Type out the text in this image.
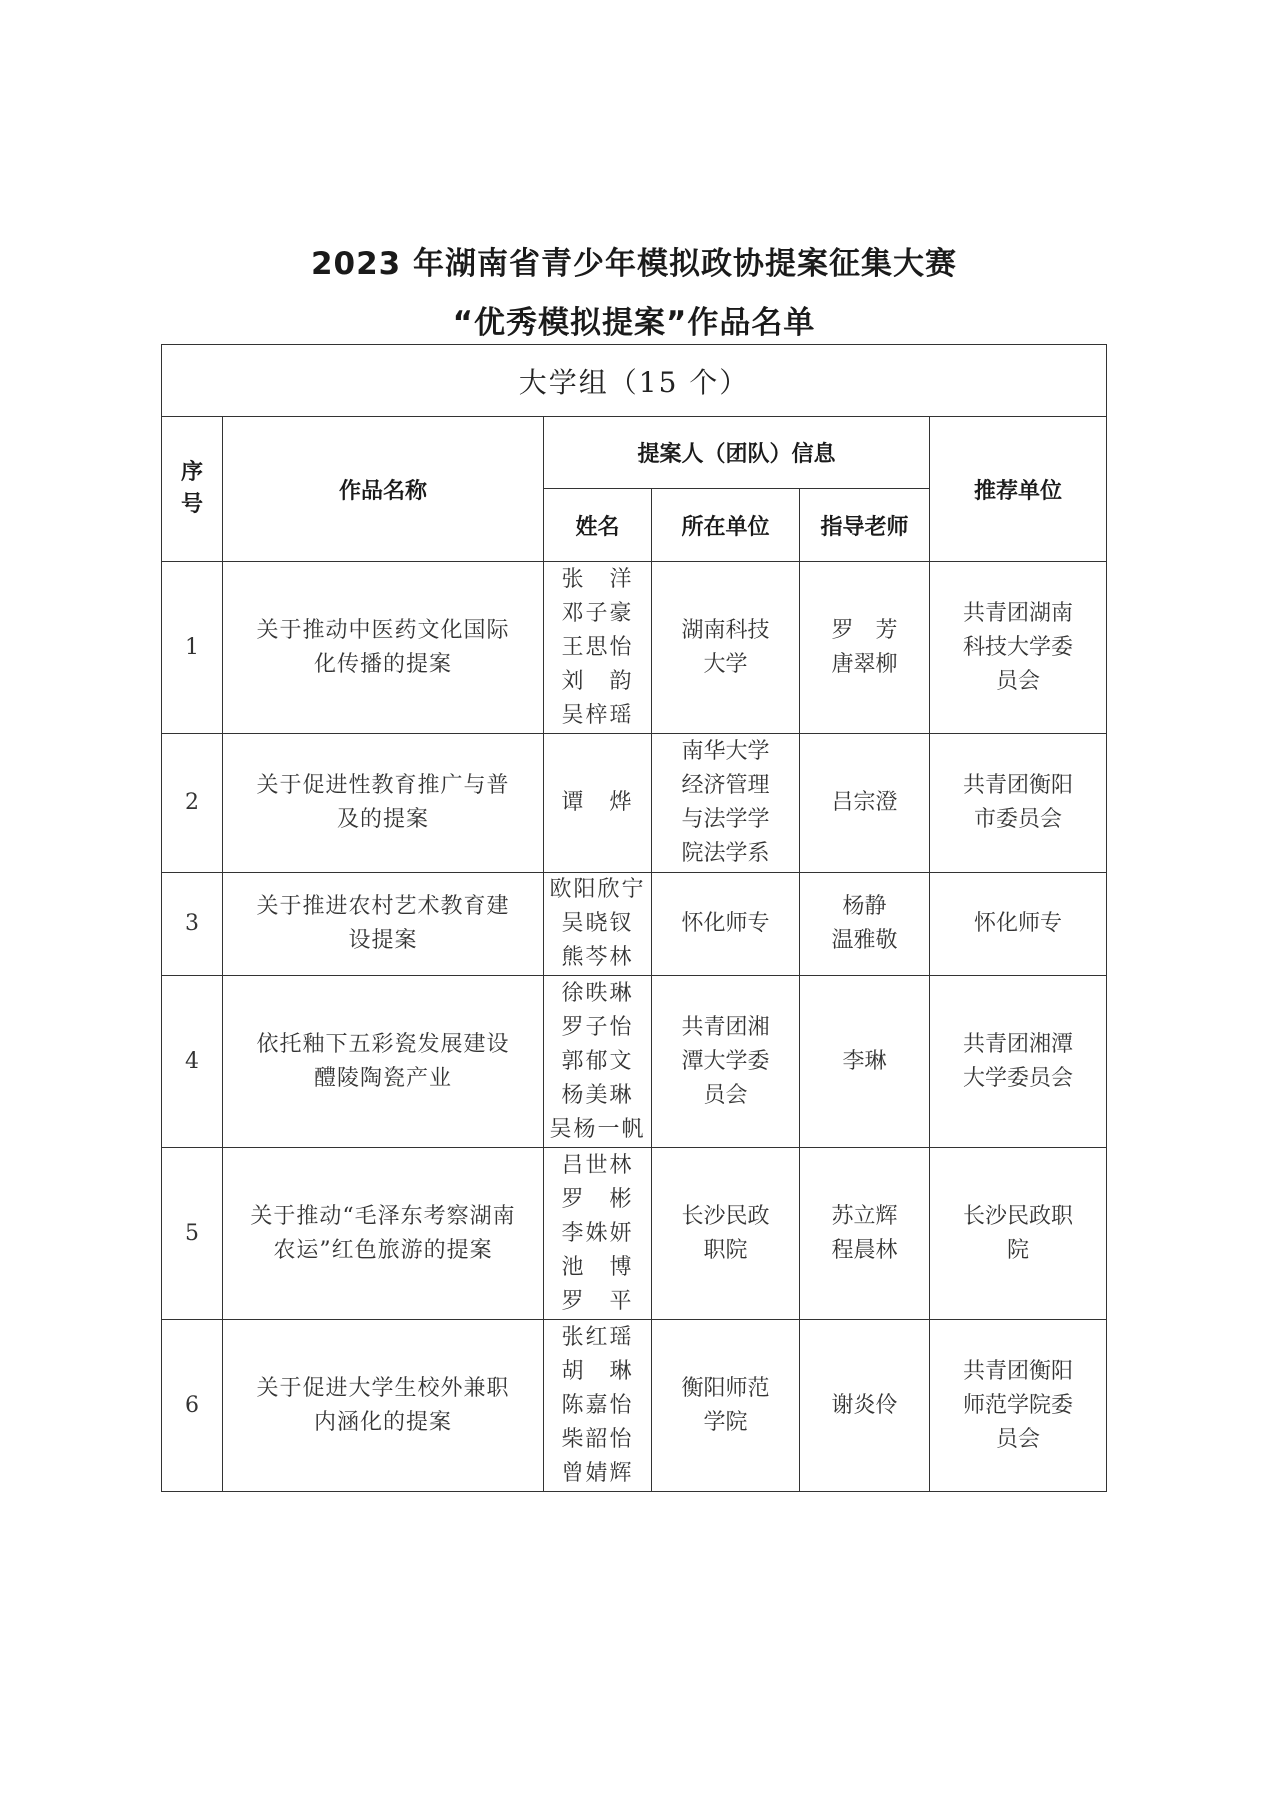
2023 年湖南省青少年模拟政协提案征集大赛
“优秀模拟提案”作品名单
大学组（15 个）					

序
号	作品名称	提案人（团队）信息			推荐单位
		姓名	所在单位	指导老师	

1	关于推动中医药文化国际
化传播的提案	张　洋
邓子豪
王思怡
刘　韵
吴梓瑶	湖南科技
大学	罗　芳
唐翠柳	共青团湖南
科技大学委
员会

2	关于促进性教育推广与普
及的提案	谭　烨	南华大学
经济管理
与法学学
院法学系	吕宗澄	共青团衡阳
市委员会

3	关于推进农村艺术教育建
设提案	欧阳欣宁
吴晓钗
熊芩林	怀化师专	杨静
温雅敬	怀化师专

4	依托釉下五彩瓷发展建设
醴陵陶瓷产业	徐昳琳
罗子怡
郭郁文
杨美琳
吴杨一帆	共青团湘
潭大学委
员会	李琳	共青团湘潭
大学委员会

5	关于推动“毛泽东考察湖南
农运”红色旅游的提案	吕世林
罗　彬
李姝妍
池　博
罗　平	长沙民政
职院	苏立辉
程晨林	长沙民政职
院

6	关于促进大学生校外兼职
内涵化的提案	张红瑶
胡　琳
陈嘉怡
柴韶怡
曾婧辉	衡阳师范
学院	谢炎伶	共青团衡阳
师范学院委
员会
